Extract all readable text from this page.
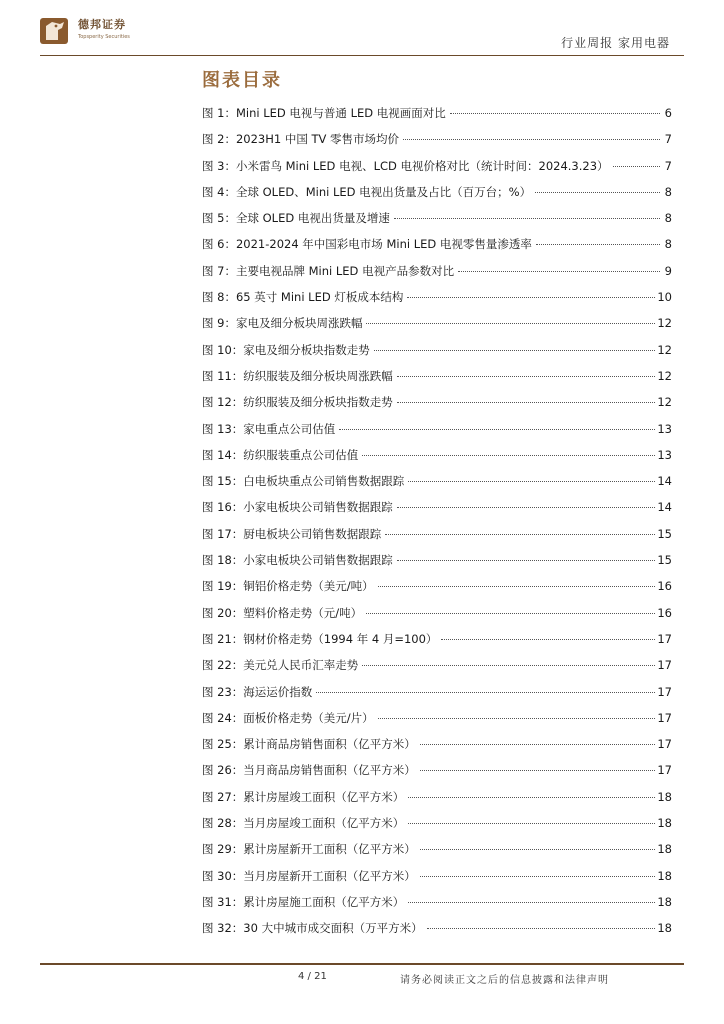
德邦证券
Topsperity Securities	行业周报 家用电器
图表目录
图 1：Mini LED 电视与普通 LED 电视画面对比	6
图 2：2023H1 中国 TV 零售市场均价	7
图 3：小米雷鸟 Mini LED 电视、LCD 电视价格对比（统计时间：2024.3.23）	7
图 4：全球 OLED、Mini LED 电视出货量及占比（百万台；%）	8
图 5：全球 OLED 电视出货量及增速	8
图 6：2021-2024 年中国彩电市场 Mini LED 电视零售量渗透率	8
图 7：主要电视品牌 Mini LED 电视产品参数对比	9
图 8：65 英寸 Mini LED 灯板成本结构	10
图 9：家电及细分板块周涨跌幅	12
图 10：家电及细分板块指数走势	12
图 11：纺织服装及细分板块周涨跌幅	12
图 12：纺织服装及细分板块指数走势	12
图 13：家电重点公司估值	13
图 14：纺织服装重点公司估值	13
图 15：白电板块重点公司销售数据跟踪	14
图 16：小家电板块公司销售数据跟踪	14
图 17：厨电板块公司销售数据跟踪	15
图 18：小家电板块公司销售数据跟踪	15
图 19：铜铝价格走势（美元/吨）	16
图 20：塑料价格走势（元/吨）	16
图 21：钢材价格走势（1994 年 4 月=100）	17
图 22：美元兑人民币汇率走势	17
图 23：海运运价指数	17
图 24：面板价格走势（美元/片）	17
图 25：累计商品房销售面积（亿平方米）	17
图 26：当月商品房销售面积（亿平方米）	17
图 27：累计房屋竣工面积（亿平方米）	18
图 28：当月房屋竣工面积（亿平方米）	18
图 29：累计房屋新开工面积（亿平方米）	18
图 30：当月房屋新开工面积（亿平方米）	18
图 31：累计房屋施工面积（亿平方米）	18
图 32：30 大中城市成交面积（万平方米）	18
4 / 21	请务必阅读正文之后的信息披露和法律声明
